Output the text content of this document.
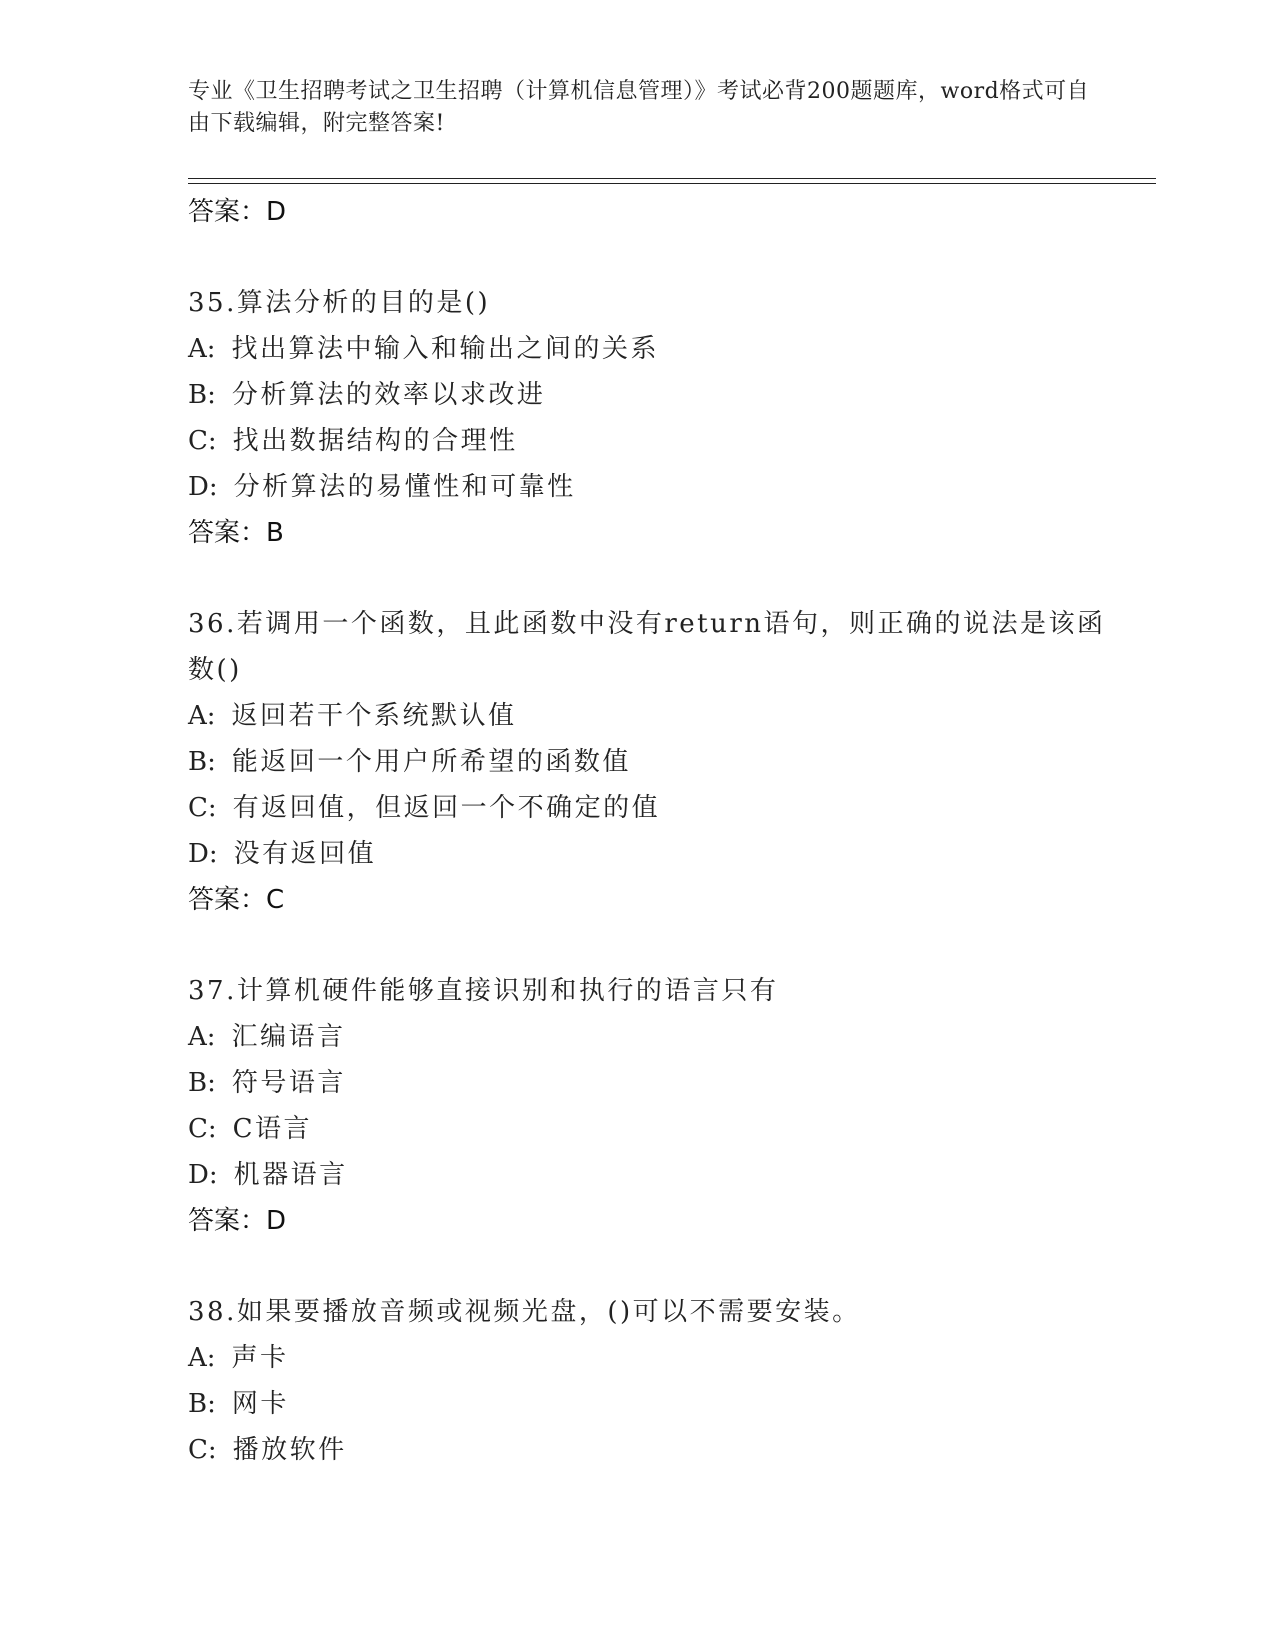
专业《卫生招聘考试之卫生招聘（计算机信息管理）》考试必背200题题库，word格式可自由下载编辑，附完整答案!
答案：D
35.算法分析的目的是()
A: 找出算法中输入和输出之间的关系
B: 分析算法的效率以求改进
C: 找出数据结构的合理性
D: 分析算法的易懂性和可靠性
答案：B
36.若调用一个函数，且此函数中没有return语句，则正确的说法是该函数()
A: 返回若干个系统默认值
B: 能返回一个用户所希望的函数值
C: 有返回值，但返回一个不确定的值
D: 没有返回值
答案：C
37.计算机硬件能够直接识别和执行的语言只有
A: 汇编语言
B: 符号语言
C: C语言
D: 机器语言
答案：D
38.如果要播放音频或视频光盘，()可以不需要安装。
A: 声卡
B: 网卡
C: 播放软件
